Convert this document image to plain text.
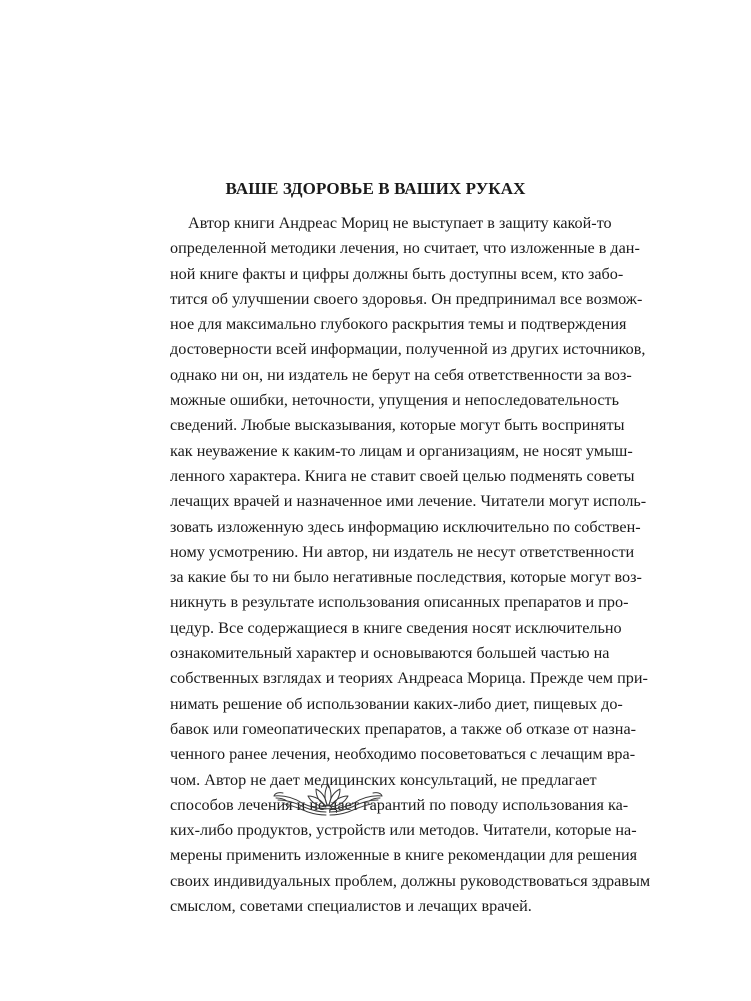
ВАШЕ ЗДОРОВЬЕ В ВАШИХ РУКАХ
Автор книги Андреас Мориц не выступает в защиту какой-то
определенной методики лечения, но считает, что изложенные в дан-
ной книге факты и цифры должны быть доступны всем, кто забо-
тится об улучшении своего здоровья. Он предпринимал все возмож-
ное для максимально глубокого раскрытия темы и подтверждения
достоверности всей информации, полученной из других источников,
однако ни он, ни издатель не берут на себя ответственности за воз-
можные ошибки, неточности, упущения и непоследовательность
сведений. Любые высказывания, которые могут быть восприняты
как неуважение к каким-то лицам и организациям, не носят умыш-
ленного характера. Книга не ставит своей целью подменять советы
лечащих врачей и назначенное ими лечение. Читатели могут исполь-
зовать изложенную здесь информацию исключительно по собствен-
ному усмотрению. Ни автор, ни издатель не несут ответственности
за какие бы то ни было негативные последствия, которые могут воз-
никнуть в результате использования описанных препаратов и про-
цедур. Все содержащиеся в книге сведения носят исключительно
ознакомительный характер и основываются большей частью на
собственных взглядах и теориях Андреаса Морица. Прежде чем при-
нимать решение об использовании каких-либо диет, пищевых до-
бавок или гомеопатических препаратов, а также об отказе от назна-
ченного ранее лечения, необходимо посоветоваться с лечащим вра-
чом. Автор не дает медицинских консультаций, не предлагает
способов лечения и не дает гарантий по поводу использования ка-
ких-либо продуктов, устройств или методов. Читатели, которые на-
мерены применить изложенные в книге рекомендации для решения
своих индивидуальных проблем, должны руководствоваться здравым
смыслом, советами специалистов и лечащих врачей.
